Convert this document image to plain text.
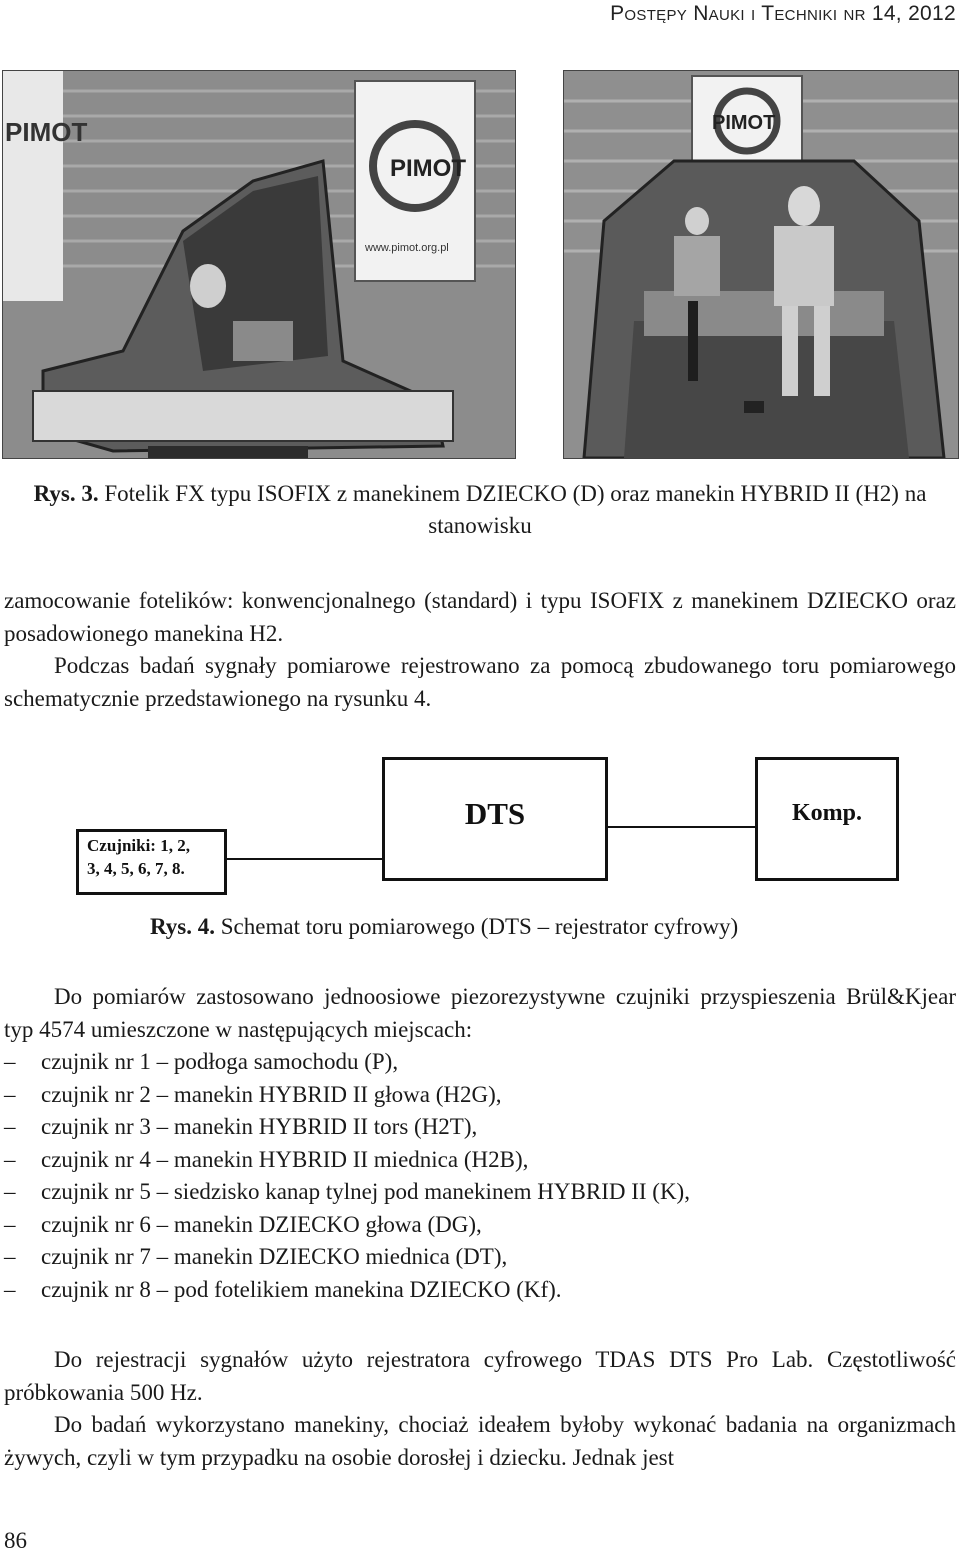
Postępy Nauki i Techniki nr 14, 2012
PIMOT
PIMOT
www.pimot.org.pl
PIMOT
Rys. 3. Fotelik FX typu ISOFIX z manekinem DZIECKO (D) oraz manekin HYBRID II (H2) na stanowisku

zamocowanie fotelików: konwencjonalnego (standard) i typu ISOFIX z manekinem DZIECKO oraz posadowionego manekina H2.

Podczas badań sygnały pomiarowe rejestrowano za pomocą zbudowanego toru pomiarowego schematycznie przedstawionego na rysunku 4.

Czujniki: 1, 2,
3, 4, 5, 6, 7, 8.
DTS	Komp.
Rys. 4. Schemat toru pomiarowego (DTS – rejestrator cyfrowy)

Do pomiarów zastosowano jednoosiowe piezorezystywne czujniki przyspieszenia Brül&Kjear typ 4574 umieszczone w następujących miejscach:

– czujnik nr 1 – podłoga samochodu (P),
– czujnik nr 2 – manekin HYBRID II głowa (H2G),
– czujnik nr 3 – manekin HYBRID II tors (H2T),
– czujnik nr 4 – manekin HYBRID II miednica (H2B),
– czujnik nr 5 – siedzisko kanap tylnej pod manekinem HYBRID II (K),
– czujnik nr 6 – manekin DZIECKO głowa (DG),
– czujnik nr 7 – manekin DZIECKO miednica (DT),
– czujnik nr 8 – pod fotelikiem manekina DZIECKO (Kf).

Do rejestracji sygnałów użyto rejestratora cyfrowego TDAS DTS Pro Lab. Częstotliwość próbkowania 500 Hz.

Do badań wykorzystano manekiny, chociaż ideałem byłoby wykonać badania na organizmach żywych, czyli w tym przypadku na osobie dorosłej i dziecku. Jednak jest

86
